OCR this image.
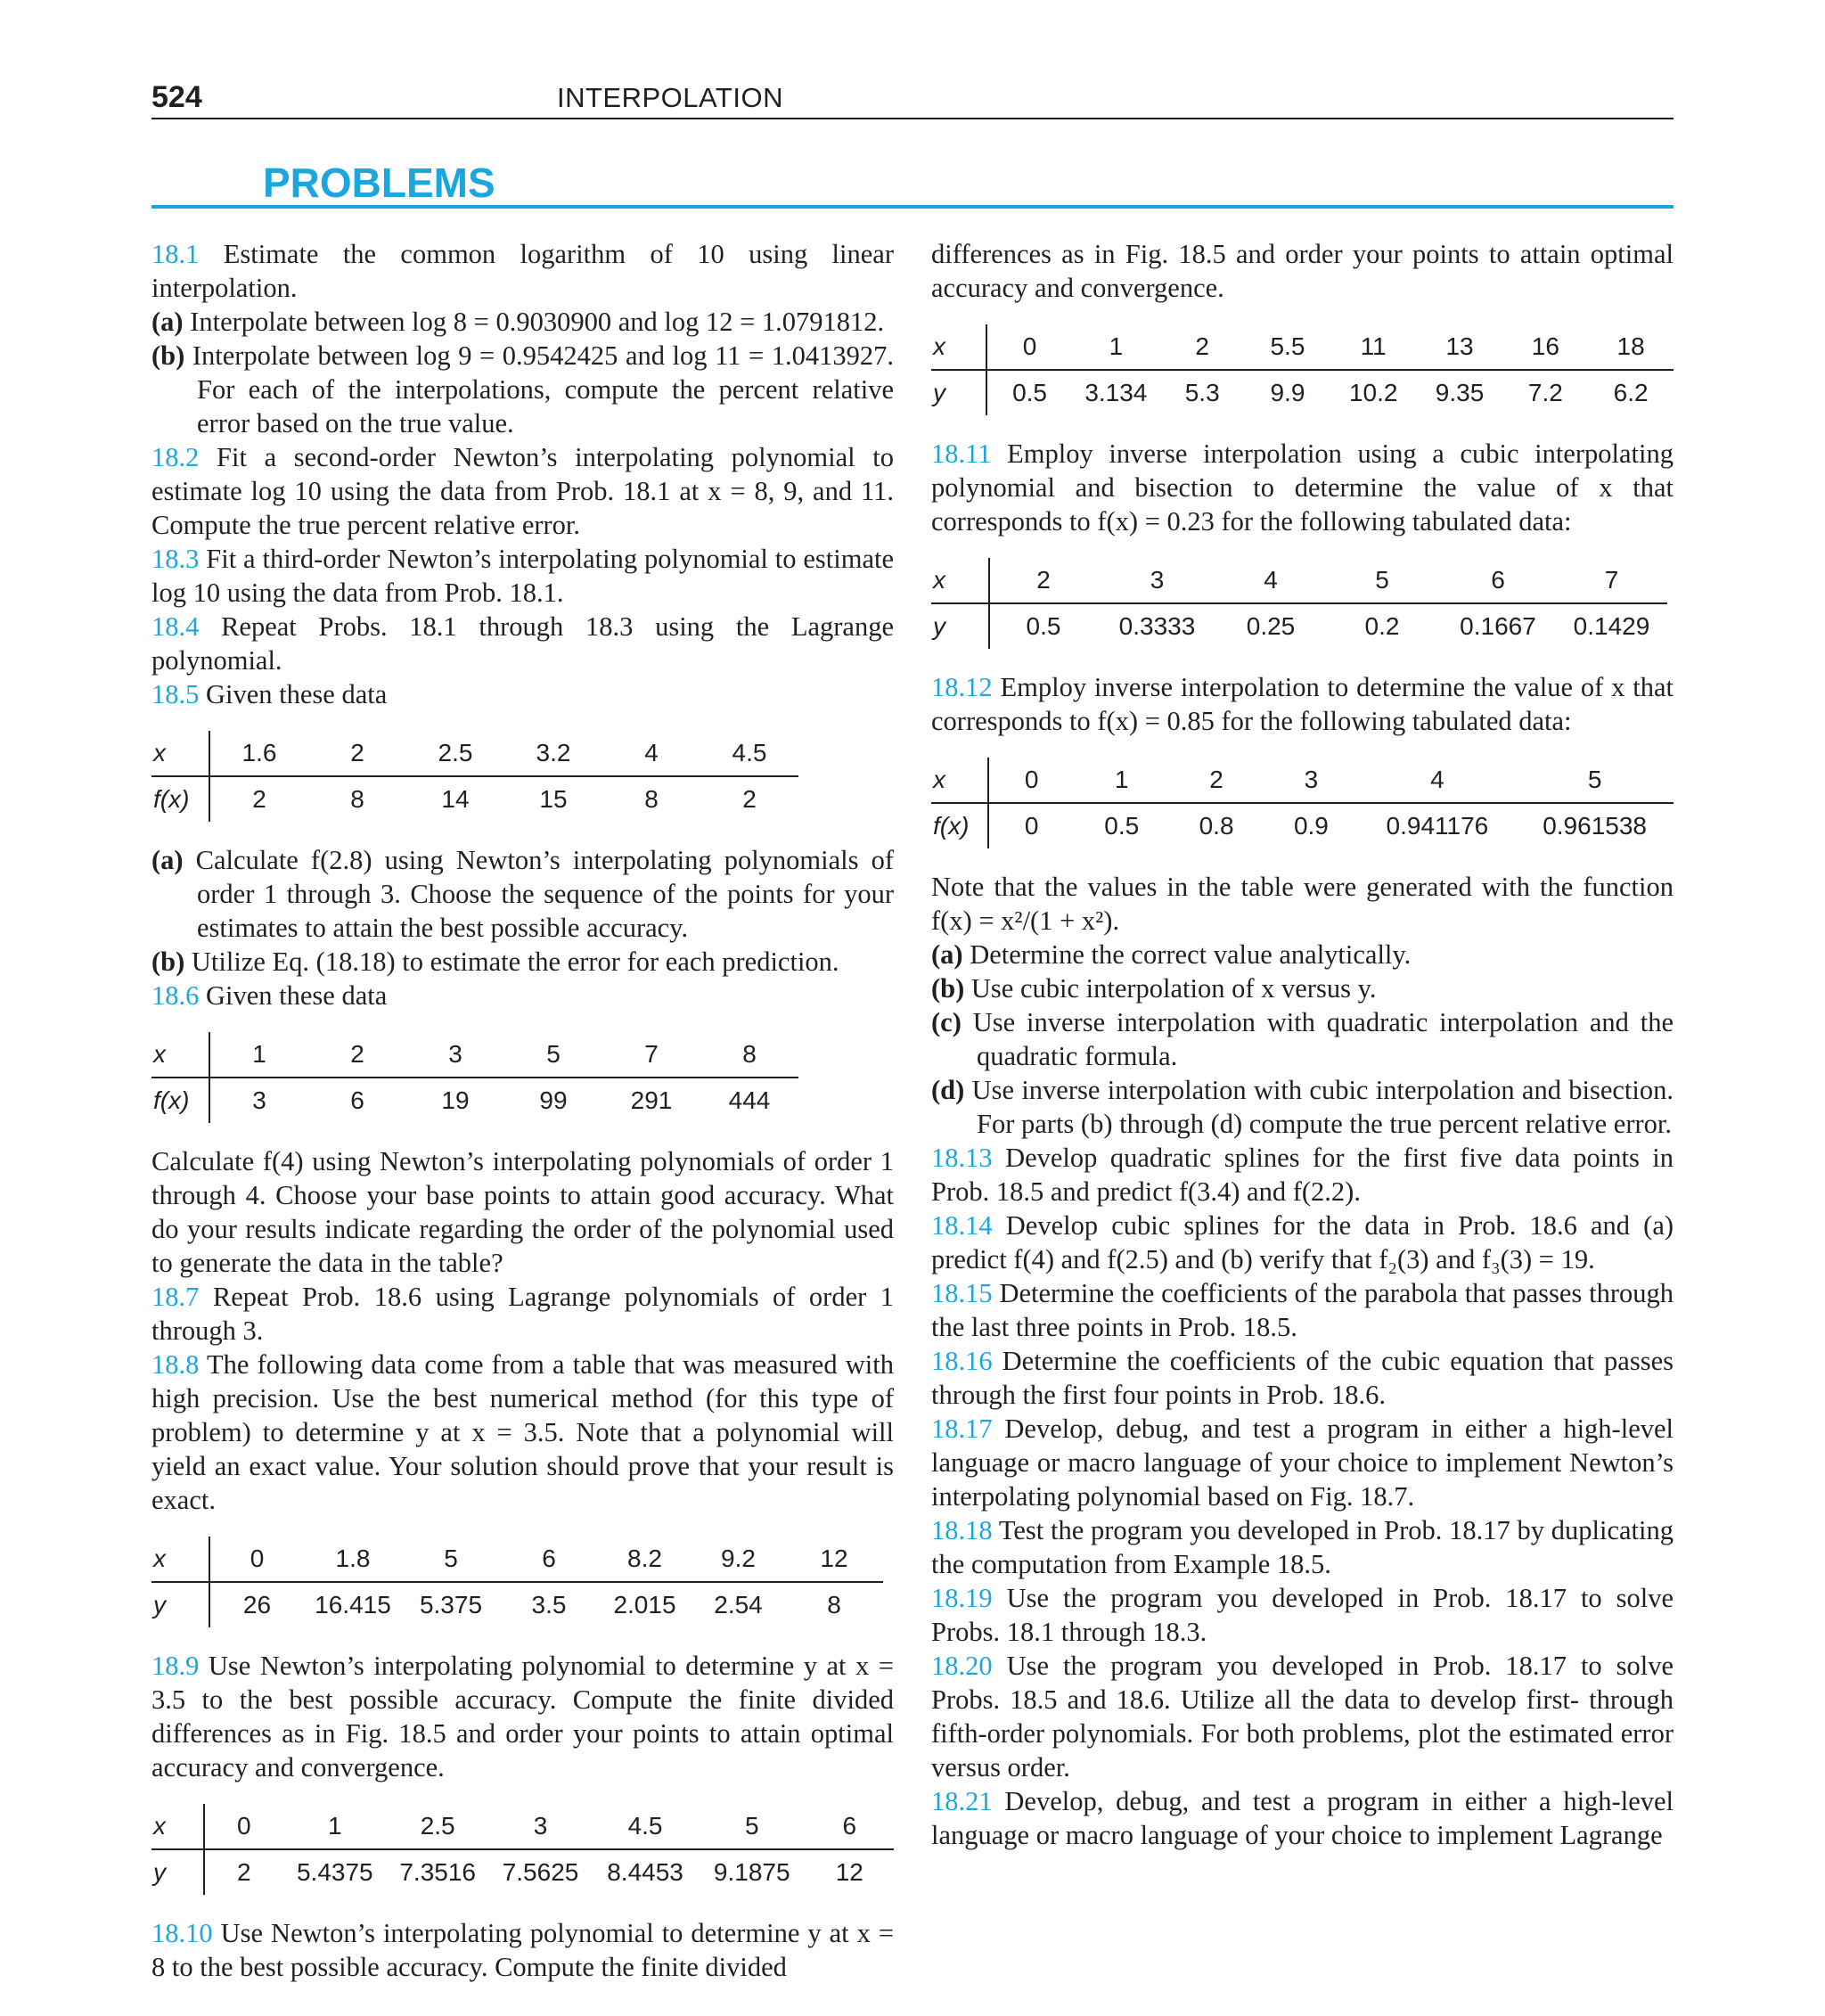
524	INTERPOLATION
PROBLEMS

18.1 Estimate the common logarithm of 10 using linear interpolation.

(a) Interpolate between log 8 = 0.9030900 and log 12 = 1.0791812.

(b) Interpolate between log 9 = 0.9542425 and log 11 = 1.0413927. For each of the interpolations, compute the percent relative error based on the true value.

18.2 Fit a second-order Newton’s interpolating polynomial to estimate log 10 using the data from Prob. 18.1 at x = 8, 9, and 11. Compute the true percent relative error.

18.3 Fit a third-order Newton’s interpolating polynomial to estimate log 10 using the data from Prob. 18.1.

18.4 Repeat Probs. 18.1 through 18.3 using the Lagrange polynomial.

18.5 Given these data

x	1.6	2	2.5	3.2	4	4.5
f(x)	2	8	14	15	8	2

(a) Calculate f(2.8) using Newton’s interpolating polynomials of order 1 through 3. Choose the sequence of the points for your estimates to attain the best possible accuracy.

(b) Utilize Eq. (18.18) to estimate the error for each prediction.

18.6 Given these data

x	1	2	3	5	7	8
f(x)	3	6	19	99	291	444

Calculate f(4) using Newton’s interpolating polynomials of order 1 through 4. Choose your base points to attain good accuracy. What do your results indicate regarding the order of the polynomial used to generate the data in the table?

18.7 Repeat Prob. 18.6 using Lagrange polynomials of order 1 through 3.

18.8 The following data come from a table that was measured with high precision. Use the best numerical method (for this type of problem) to determine y at x = 3.5. Note that a polynomial will yield an exact value. Your solution should prove that your result is exact.

x	0	1.8	5	6	8.2	9.2	12
y	26	16.415	5.375	3.5	2.015	2.54	8

18.9 Use Newton’s interpolating polynomial to determine y at x = 3.5 to the best possible accuracy. Compute the finite divided differences as in Fig. 18.5 and order your points to attain optimal accuracy and convergence.

x	0	1	2.5	3	4.5	5	6
y	2	5.4375	7.3516	7.5625	8.4453	9.1875	12

18.10 Use Newton’s interpolating polynomial to determine y at x = 8 to the best possible accuracy. Compute the finite divided

differences as in Fig. 18.5 and order your points to attain optimal accuracy and convergence.

x	0	1	2	5.5	11	13	16	18
y	0.5	3.134	5.3	9.9	10.2	9.35	7.2	6.2

18.11 Employ inverse interpolation using a cubic interpolating polynomial and bisection to determine the value of x that corresponds to f(x) = 0.23 for the following tabulated data:

x	2	3	4	5	6	7
y	0.5	0.3333	0.25	0.2	0.1667	0.1429

18.12 Employ inverse interpolation to determine the value of x that corresponds to f(x) = 0.85 for the following tabulated data:

x	0	1	2	3	4	5
f(x)	0	0.5	0.8	0.9	0.941176	0.961538

Note that the values in the table were generated with the function f(x) = x²/(1 + x²).

(a) Determine the correct value analytically.

(b) Use cubic interpolation of x versus y.

(c) Use inverse interpolation with quadratic interpolation and the quadratic formula.

(d) Use inverse interpolation with cubic interpolation and bisection. For parts (b) through (d) compute the true percent relative error.

18.13 Develop quadratic splines for the first five data points in Prob. 18.5 and predict f(3.4) and f(2.2).

18.14 Develop cubic splines for the data in Prob. 18.6 and (a) predict f(4) and f(2.5) and (b) verify that f₂(3) and f₃(3) = 19.

18.15 Determine the coefficients of the parabola that passes through the last three points in Prob. 18.5.

18.16 Determine the coefficients of the cubic equation that passes through the first four points in Prob. 18.6.

18.17 Develop, debug, and test a program in either a high-level language or macro language of your choice to implement Newton’s interpolating polynomial based on Fig. 18.7.

18.18 Test the program you developed in Prob. 18.17 by duplicating the computation from Example 18.5.

18.19 Use the program you developed in Prob. 18.17 to solve Probs. 18.1 through 18.3.

18.20 Use the program you developed in Prob. 18.17 to solve Probs. 18.5 and 18.6. Utilize all the data to develop first- through fifth-order polynomials. For both problems, plot the estimated error versus order.

18.21 Develop, debug, and test a program in either a high-level language or macro language of your choice to implement Lagrange
